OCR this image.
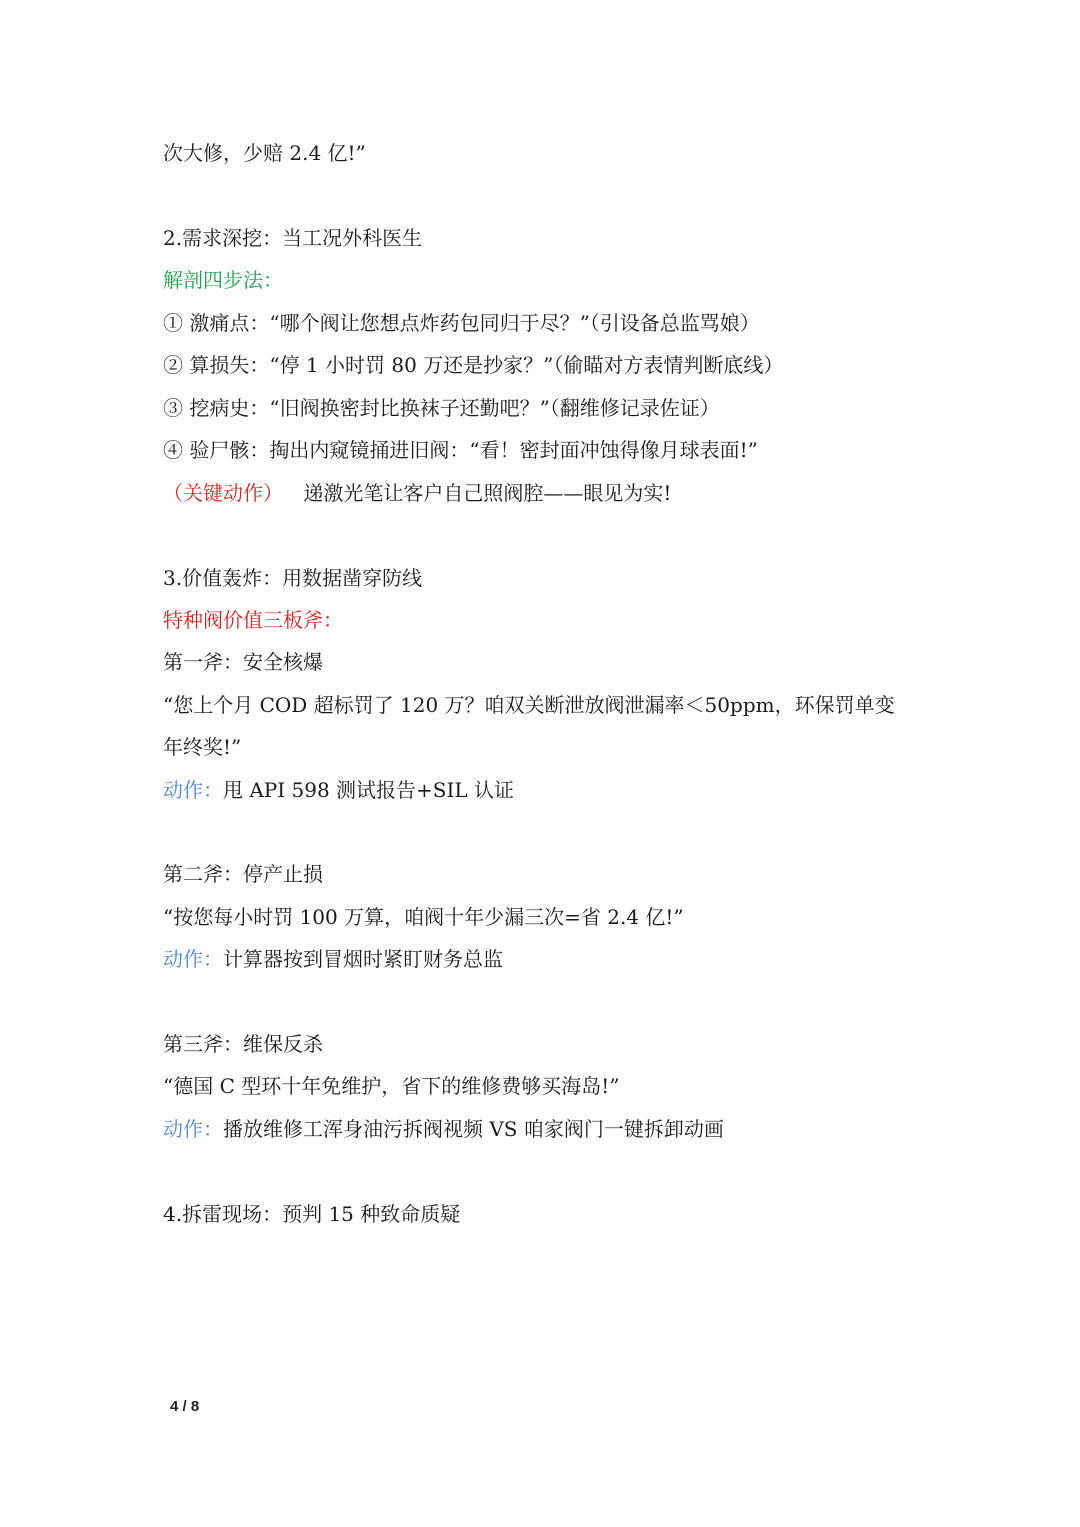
次大修，少赔 2.4 亿!”
2.需求深挖：当工况外科医生
解剖四步法：
① 激痛点：“哪个阀让您想点炸药包同归于尽？”（引设备总监骂娘）
② 算损失：“停 1 小时罚 80 万还是抄家？”（偷瞄对方表情判断底线）
③ 挖病史：“旧阀换密封比换袜子还勤吧？”（翻维修记录佐证）
④ 验尸骸：掏出内窥镜捅进旧阀：“看！密封面冲蚀得像月球表面!”
（关键动作） 递激光笔让客户自己照阀腔——眼见为实!
3.价值轰炸：用数据凿穿防线
特种阀价值三板斧：
第一斧：安全核爆
“您上个月 COD 超标罚了 120 万？咱双关断泄放阀泄漏率＜50ppm，环保罚单变
年终奖!”
动作：甩 API 598 测试报告+SIL 认证
第二斧：停产止损
“按您每小时罚 100 万算，咱阀十年少漏三次=省 2.4 亿!”
动作：计算器按到冒烟时紧盯财务总监
第三斧：维保反杀
“德国 C 型环十年免维护，省下的维修费够买海岛!”
动作：播放维修工浑身油污拆阀视频 VS 咱家阀门一键拆卸动画
4.拆雷现场：预判 15 种致命质疑
4 / 8
